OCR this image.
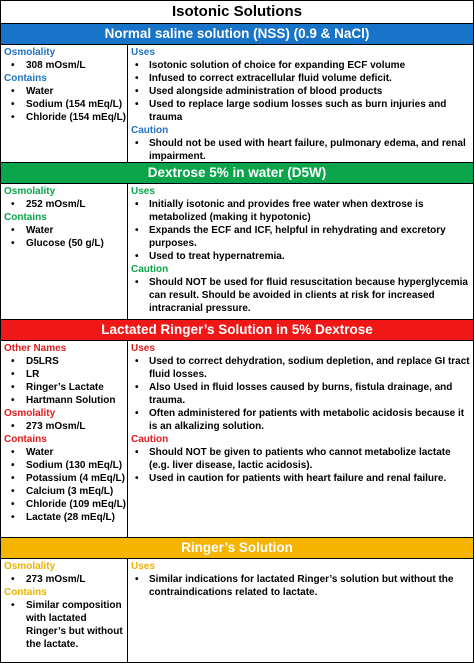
Isotonic Solutions
Normal saline solution (NSS) (0.9 & NaCl)
Osmolality
• 308 mOsm/L
Contains
• Water
• Sodium (154 mEq/L)
• Chloride (154 mEq/L)
Uses
• Isotonic solution of choice for expanding ECF volume
• Infused to correct extracellular fluid volume deficit.
• Used alongside administration of blood products
• Used to replace large sodium losses such as burn injuries and trauma
Caution
• Should not be used with heart failure, pulmonary edema, and renal impairment.
Dextrose 5% in water (D5W)
Osmolality
• 252 mOsm/L
Contains
• Water
• Glucose (50 g/L)
Uses
• Initially isotonic and provides free water when dextrose is metabolized (making it hypotonic)
• Expands the ECF and ICF, helpful in rehydrating and excretory purposes.
• Used to treat hypernatremia.
Caution
• Should NOT be used for fluid resuscitation because hyperglycemia can result. Should be avoided in clients at risk for increased intracranial pressure.
Lactated Ringer’s Solution in 5% Dextrose
Other Names
• D5LRS
• LR
• Ringer’s Lactate
• Hartmann Solution
Osmolality
• 273 mOsm/L
Contains
• Water
• Sodium (130 mEq/L)
• Potassium (4 mEq/L)
• Calcium (3 mEq/L)
• Chloride (109 mEq/L)
• Lactate (28 mEq/L)
Uses
• Used to correct dehydration, sodium depletion, and replace GI tract fluid losses.
• Also Used in fluid losses caused by burns, fistula drainage, and trauma.
• Often administered for patients with metabolic acidosis because it is an alkalizing solution.
Caution
• Should NOT be given to patients who cannot metabolize lactate (e.g. liver disease, lactic acidosis).
• Used in caution for patients with heart failure and renal failure.
Ringer’s Solution
Osmolality
• 273 mOsm/L
Contains
• Similar composition with lactated Ringer’s but without the lactate.
Uses
• Similar indications for lactated Ringer’s solution but without the contraindications related to lactate.
